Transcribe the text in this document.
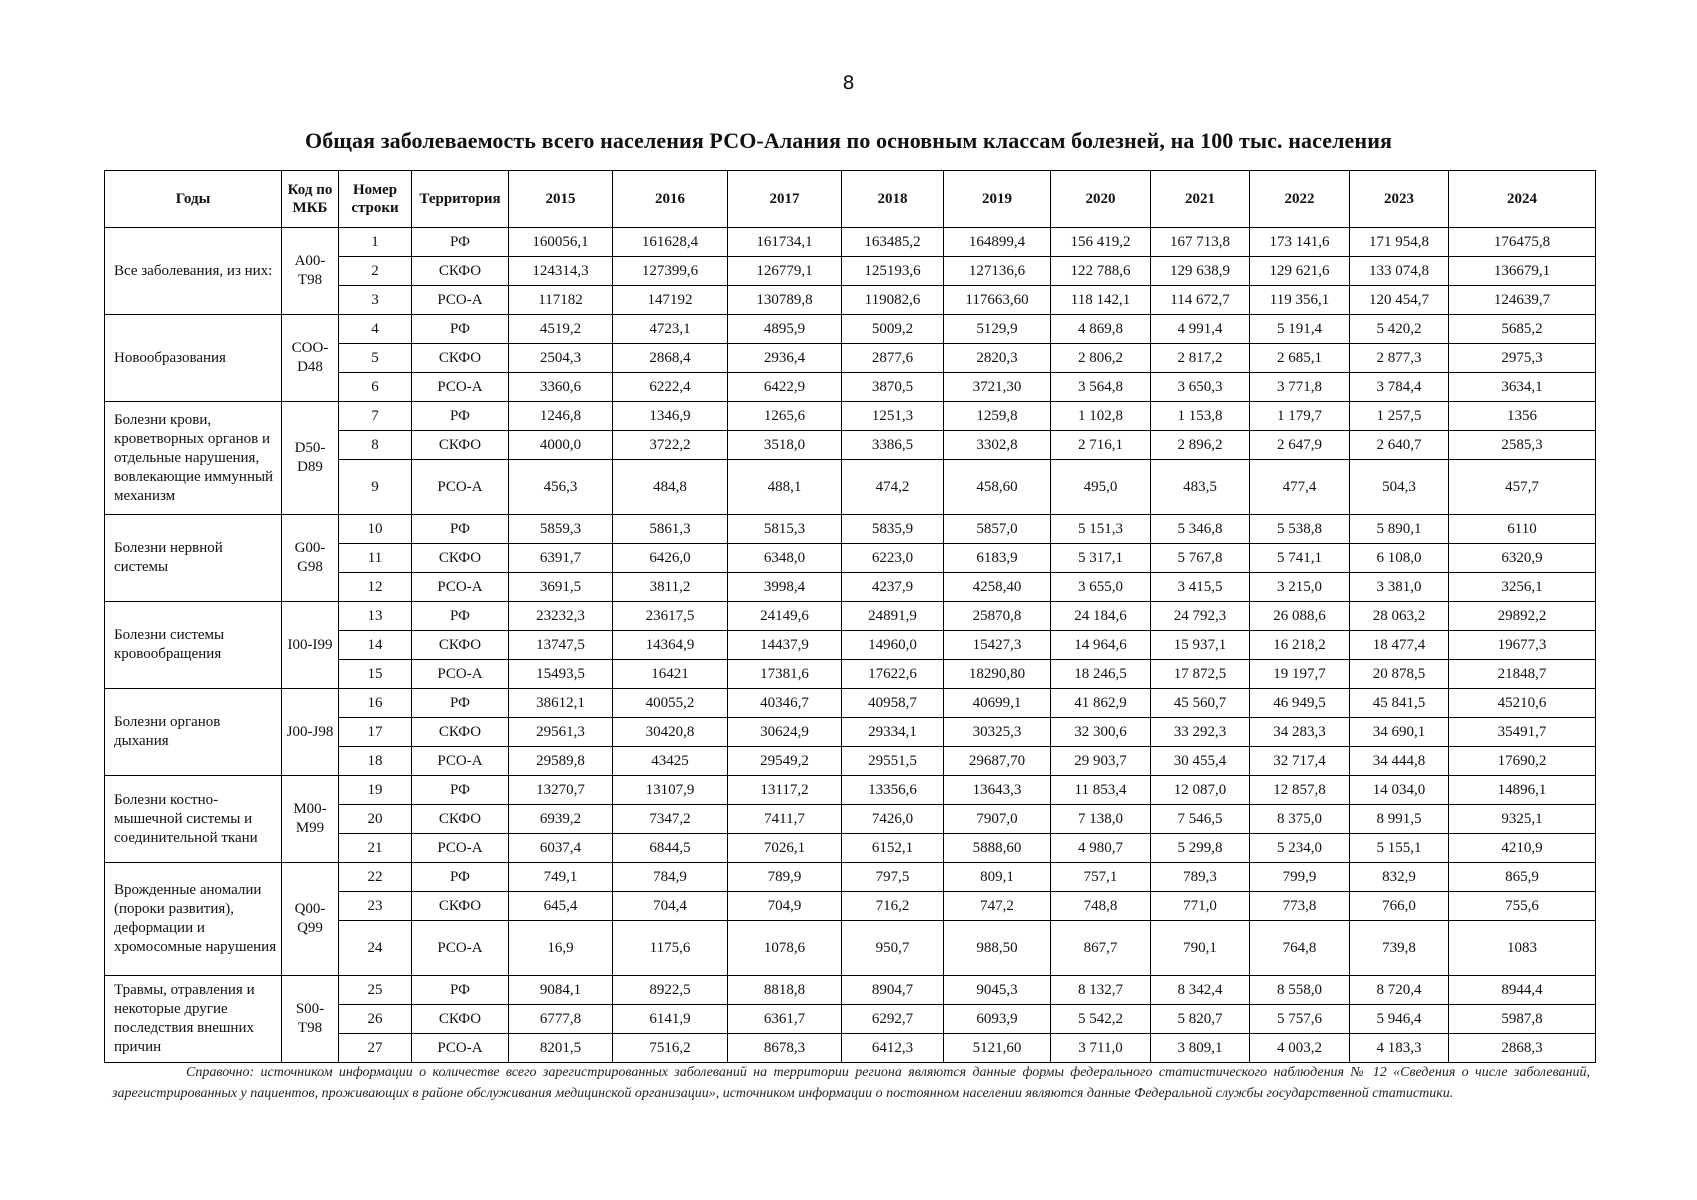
8
Общая заболеваемость всего населения РСО-Алания по основным классам болезней, на 100 тыс. населения
Годы	Код по МКБ	Номер строки	Территория	2015	2016	2017	2018	2019	2020	2021	2022	2023	2024
Все заболевания, из них:	А00-Т98	1	РФ	160056,1	161628,4	161734,1	163485,2	164899,4	156 419,2	167 713,8	173 141,6	171 954,8	176475,8
		2	СКФО	124314,3	127399,6	126779,1	125193,6	127136,6	122 788,6	129 638,9	129 621,6	133 074,8	136679,1
		3	РСО-А	117182	147192	130789,8	119082,6	117663,60	118 142,1	114 672,7	119 356,1	120 454,7	124639,7
Новообразования	СОО-D48	4	РФ	4519,2	4723,1	4895,9	5009,2	5129,9	4 869,8	4 991,4	5 191,4	5 420,2	5685,2
		5	СКФО	2504,3	2868,4	2936,4	2877,6	2820,3	2 806,2	2 817,2	2 685,1	2 877,3	2975,3
		6	РСО-А	3360,6	6222,4	6422,9	3870,5	3721,30	3 564,8	3 650,3	3 771,8	3 784,4	3634,1
Болезни крови, кроветворных органов и отдельные нарушения, вовлекающие иммунный механизм	D50-D89	7	РФ	1246,8	1346,9	1265,6	1251,3	1259,8	1 102,8	1 153,8	1 179,7	1 257,5	1356
		8	СКФО	4000,0	3722,2	3518,0	3386,5	3302,8	2 716,1	2 896,2	2 647,9	2 640,7	2585,3
		9	РСО-А	456,3	484,8	488,1	474,2	458,60	495,0	483,5	477,4	504,3	457,7
Болезни нервной системы	G00-G98	10	РФ	5859,3	5861,3	5815,3	5835,9	5857,0	5 151,3	5 346,8	5 538,8	5 890,1	6110
		11	СКФО	6391,7	6426,0	6348,0	6223,0	6183,9	5 317,1	5 767,8	5 741,1	6 108,0	6320,9
		12	РСО-А	3691,5	3811,2	3998,4	4237,9	4258,40	3 655,0	3 415,5	3 215,0	3 381,0	3256,1
Болезни системы кровообращения	I00-I99	13	РФ	23232,3	23617,5	24149,6	24891,9	25870,8	24 184,6	24 792,3	26 088,6	28 063,2	29892,2
		14	СКФО	13747,5	14364,9	14437,9	14960,0	15427,3	14 964,6	15 937,1	16 218,2	18 477,4	19677,3
		15	РСО-А	15493,5	16421	17381,6	17622,6	18290,80	18 246,5	17 872,5	19 197,7	20 878,5	21848,7
Болезни органов дыхания	J00-J98	16	РФ	38612,1	40055,2	40346,7	40958,7	40699,1	41 862,9	45 560,7	46 949,5	45 841,5	45210,6
		17	СКФО	29561,3	30420,8	30624,9	29334,1	30325,3	32 300,6	33 292,3	34 283,3	34 690,1	35491,7
		18	РСО-А	29589,8	43425	29549,2	29551,5	29687,70	29 903,7	30 455,4	32 717,4	34 444,8	17690,2
Болезни костно-мышечной системы и соединительной ткани	M00-M99	19	РФ	13270,7	13107,9	13117,2	13356,6	13643,3	11 853,4	12 087,0	12 857,8	14 034,0	14896,1
		20	СКФО	6939,2	7347,2	7411,7	7426,0	7907,0	7 138,0	7 546,5	8 375,0	8 991,5	9325,1
		21	РСО-А	6037,4	6844,5	7026,1	6152,1	5888,60	4 980,7	5 299,8	5 234,0	5 155,1	4210,9
Врожденные аномалии (пороки развития), деформации и хромосомные нарушения	Q00-Q99	22	РФ	749,1	784,9	789,9	797,5	809,1	757,1	789,3	799,9	832,9	865,9
		23	СКФО	645,4	704,4	704,9	716,2	747,2	748,8	771,0	773,8	766,0	755,6
		24	РСО-А	16,9	1175,6	1078,6	950,7	988,50	867,7	790,1	764,8	739,8	1083
Травмы, отравления и некоторые другие последствия внешних причин	S00-T98	25	РФ	9084,1	8922,5	8818,8	8904,7	9045,3	8 132,7	8 342,4	8 558,0	8 720,4	8944,4
		26	СКФО	6777,8	6141,9	6361,7	6292,7	6093,9	5 542,2	5 820,7	5 757,6	5 946,4	5987,8
		27	РСО-А	8201,5	7516,2	8678,3	6412,3	5121,60	3 711,0	3 809,1	4 003,2	4 183,3	2868,3
Справочно: источником информации о количестве всего зарегистрированных заболеваний на территории региона являются данные формы федерального статистического наблюдения № 12 «Сведения о числе заболеваний, зарегистрированных у пациентов, проживающих в районе обслуживания медицинской организации», источником информации о постоянном населении являются данные Федеральной службы государственной статистики.
